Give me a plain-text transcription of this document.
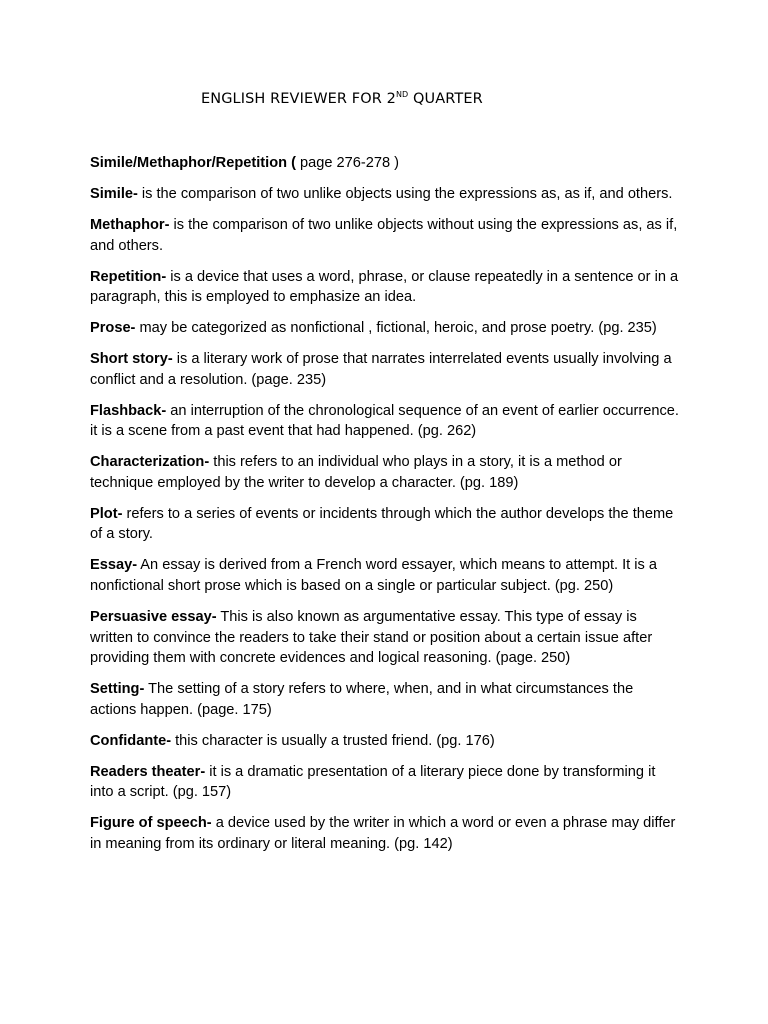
ENGLISH REVIEWER FOR 2ND QUARTER

Simile/Methaphor/Repetition ( page 276-278 )

Simile- is the comparison of two unlike objects using the expressions as, as if, and others.

Methaphor- is the comparison of two unlike objects without using the expressions as, as if, and others.

Repetition- is a device that uses a word, phrase, or clause repeatedly in a sentence or in a paragraph, this is employed to emphasize an idea.

Prose- may be categorized as nonfictional , fictional, heroic, and prose poetry. (pg. 235)

Short story- is a literary work of prose that narrates interrelated events usually involving a conflict and a resolution. (page. 235)

Flashback- an interruption of the chronological sequence of an event of earlier occurrence. it is a scene from a past event that had happened. (pg. 262)

Characterization- this refers to an individual who plays in a story, it is a method or technique employed by the writer to develop a character. (pg. 189)

Plot- refers to a series of events or incidents through which the author develops the theme of a story.

Essay- An essay is derived from a French word essayer, which means to attempt. It is a nonfictional short prose which is based on a single or particular subject. (pg. 250)

Persuasive essay- This is also known as argumentative essay. This type of essay is written to convince the readers to take their stand or position about a certain issue after providing them with concrete evidences and logical reasoning. (page. 250)

Setting- The setting of a story refers to where, when, and in what circumstances the actions happen. (page. 175)

Confidante- this character is usually a trusted friend. (pg. 176)

Readers theater- it is a dramatic presentation of a literary piece done by transforming it into a script. (pg. 157)

Figure of speech- a device used by the writer in which a word or even a phrase may differ in meaning from its ordinary or literal meaning. (pg. 142)
